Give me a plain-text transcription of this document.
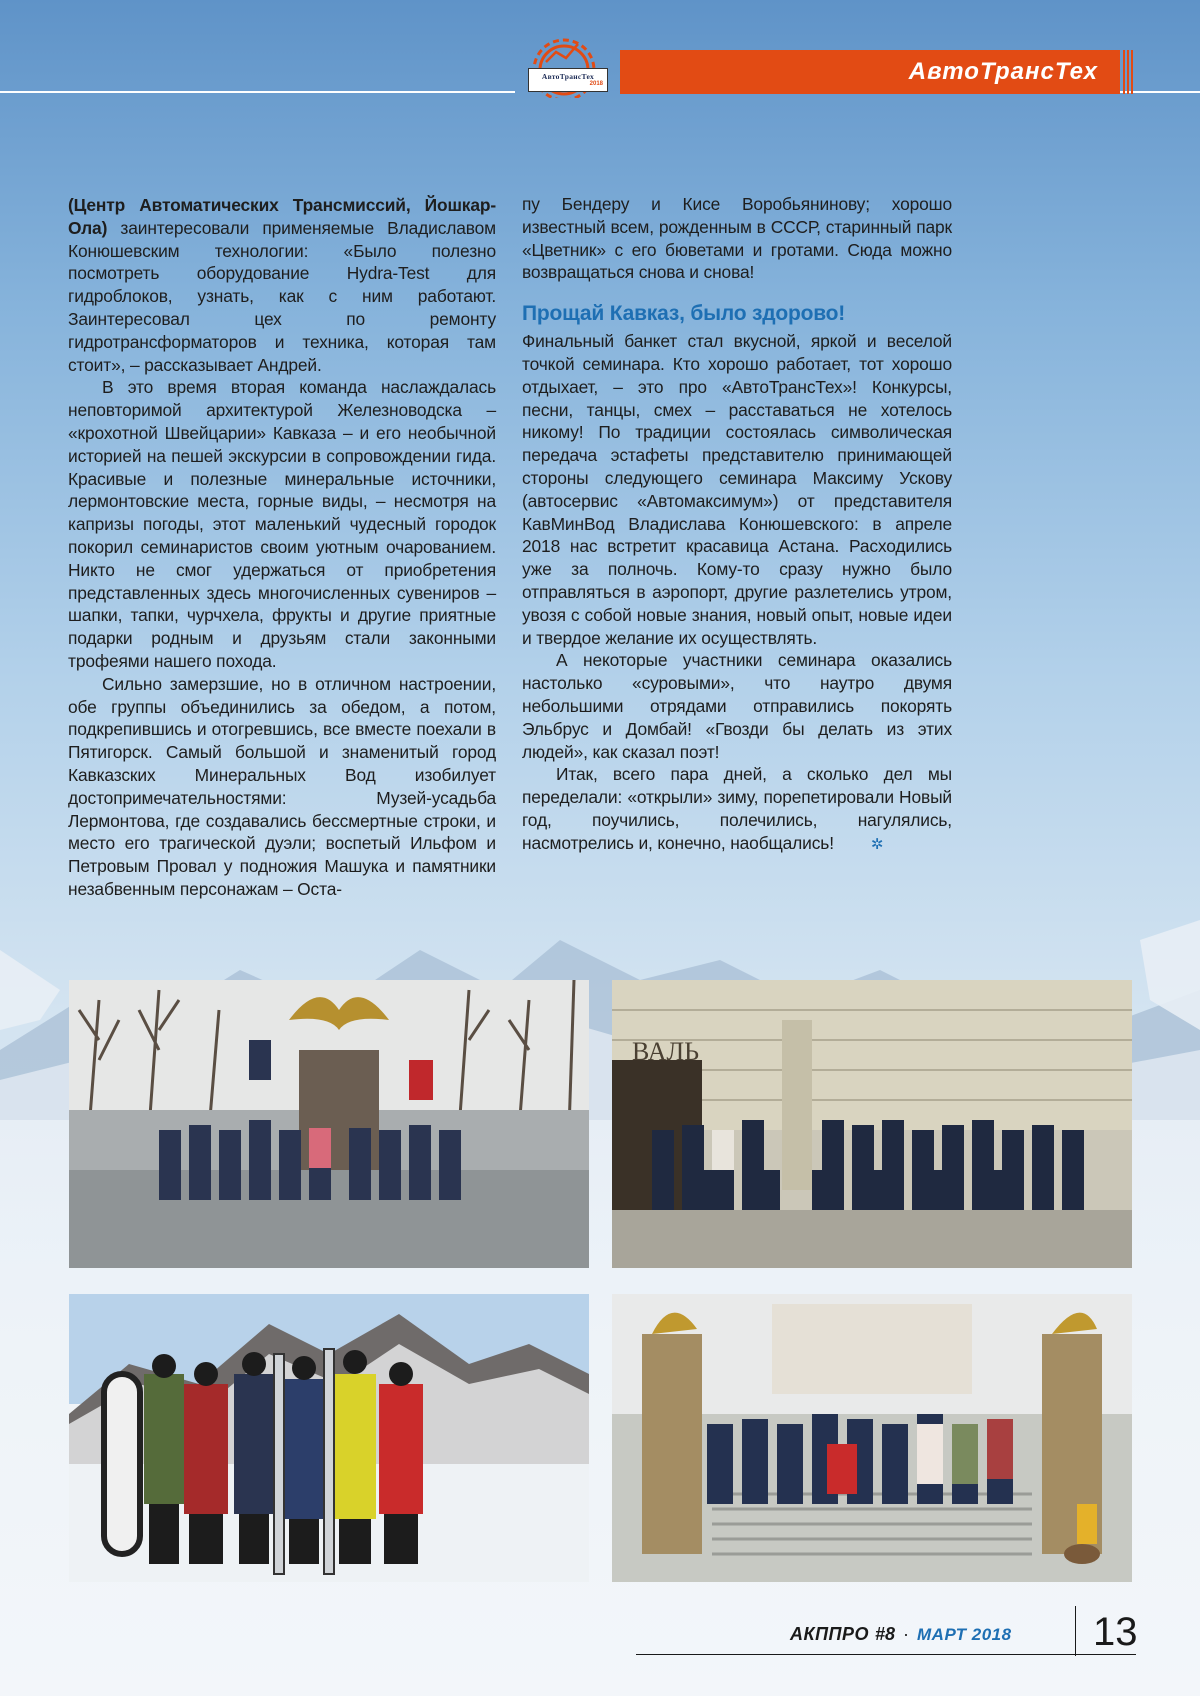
АвтоТрансТех
2018	АвтоТрансТех

(Центр Автоматических Трансмиссий, Йошкар-Ола) заинтересовали применяемые Владиславом Конюшевским технологии: «Было полезно посмотреть оборудование Hydra-Test для гидроблоков, узнать, как с ним работают. Заинтересовал цех по ремонту гидротрансформаторов и техника, которая там стоит», – рассказывает Андрей.

В это время вторая команда наслаждалась неповторимой архитектурой Железноводска – «крохотной Швейцарии» Кавказа – и его необычной историей на пешей экскурсии в сопровождении гида. Красивые и полезные минеральные источники, лермонтовские места, горные виды, – несмотря на капризы погоды, этот маленький чудесный городок покорил семинаристов своим уютным очарованием. Никто не смог удержаться от приобретения представленных здесь многочисленных сувениров – шапки, тапки, чурчхела, фрукты и другие приятные подарки родным и друзьям стали законными трофеями нашего похода.

Сильно замерзшие, но в отличном настроении, обе группы объединились за обедом, а потом, подкрепившись и отогревшись, все вместе поехали в Пятигорск. Самый большой и знаменитый город Кавказских Минеральных Вод изобилует достопримечательностями: Музей-усадьба Лермонтова, где создавались бессмертные строки, и место его трагической дуэли; воспетый Ильфом и Петровым Провал у подножия Машука и памятники незабвенным персонажам – Оста-

пу Бендеру и Кисе Воробьянинову; хорошо известный всем, рожденным в СССР, старинный парк «Цветник» с его бюветами и гротами. Сюда можно возвращаться снова и снова!

Прощай Кавказ, было здорово!

Финальный банкет стал вкусной, яркой и веселой точкой семинара. Кто хорошо работает, тот хорошо отдыхает, – это про «АвтоТрансТех»! Конкурсы, песни, танцы, смех – расставаться не хотелось никому! По традиции состоялась символическая передача эстафеты представителю принимающей стороны следующего семинара Максиму Ускову (автосервис «Автомаксимум») от представителя КавМинВод Владислава Конюшевского: в апреле 2018 нас встретит красавица Астана. Расходились уже за полночь. Кому-то сразу нужно было отправляться в аэропорт, другие разлетелись утром, увозя с собой новые знания, новый опыт, новые идеи и твердое желание их осуществлять.

А некоторые участники семинара оказались настолько «суровыми», что наутро двумя небольшими отрядами отправились покорять Эльбрус и Домбай! «Гвозди бы делать из этих людей», как сказал поэт!

Итак, всего пара дней, а сколько дел мы переделали: «открыли» зиму, порепетировали Новый год, поучились, полечились, нагулялись, насмотрелись и, конечно, наобщались! ✲

ВАЛЬ
АКППРО #8 · МАРТ 2018 13
